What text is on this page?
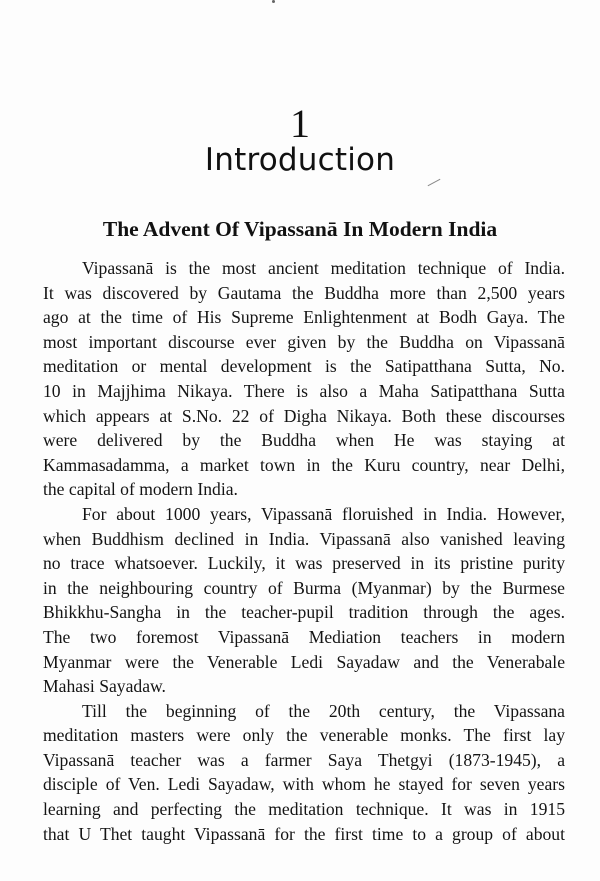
1
Introduction
The Advent Of Vipassanā In Modern India
Vipassanā is the most ancient meditation technique of India.
It was discovered by Gautama the Buddha more than 2,500 years
ago at the time of His Supreme Enlightenment at Bodh Gaya. The
most important discourse ever given by the Buddha on Vipassanā
meditation or mental development is the Satipatthana Sutta, No.
10 in Majjhima Nikaya. There is also a Maha Satipatthana Sutta
which appears at S.No. 22 of Digha Nikaya. Both these discourses
were delivered by the Buddha when He was staying at
Kammasadamma, a market town in the Kuru country, near Delhi,
the capital of modern India.
For about 1000 years, Vipassanā floruished in India. However,
when Buddhism declined in India. Vipassanā also vanished leaving
no trace whatsoever. Luckily, it was preserved in its pristine purity
in the neighbouring country of Burma (Myanmar) by the Burmese
Bhikkhu-Sangha in the teacher-pupil tradition through the ages.
The two foremost Vipassanā Mediation teachers in modern
Myanmar were the Venerable Ledi Sayadaw and the Venerabale
Mahasi Sayadaw.
Till the beginning of the 20th century, the Vipassana
meditation masters were only the venerable monks. The first lay
Vipassanā teacher was a farmer Saya Thetgyi (1873-1945), a
disciple of Ven. Ledi Sayadaw, with whom he stayed for seven years
learning and perfecting the meditation technique. It was in 1915
that U Thet taught Vipassanā for the first time to a group of about
